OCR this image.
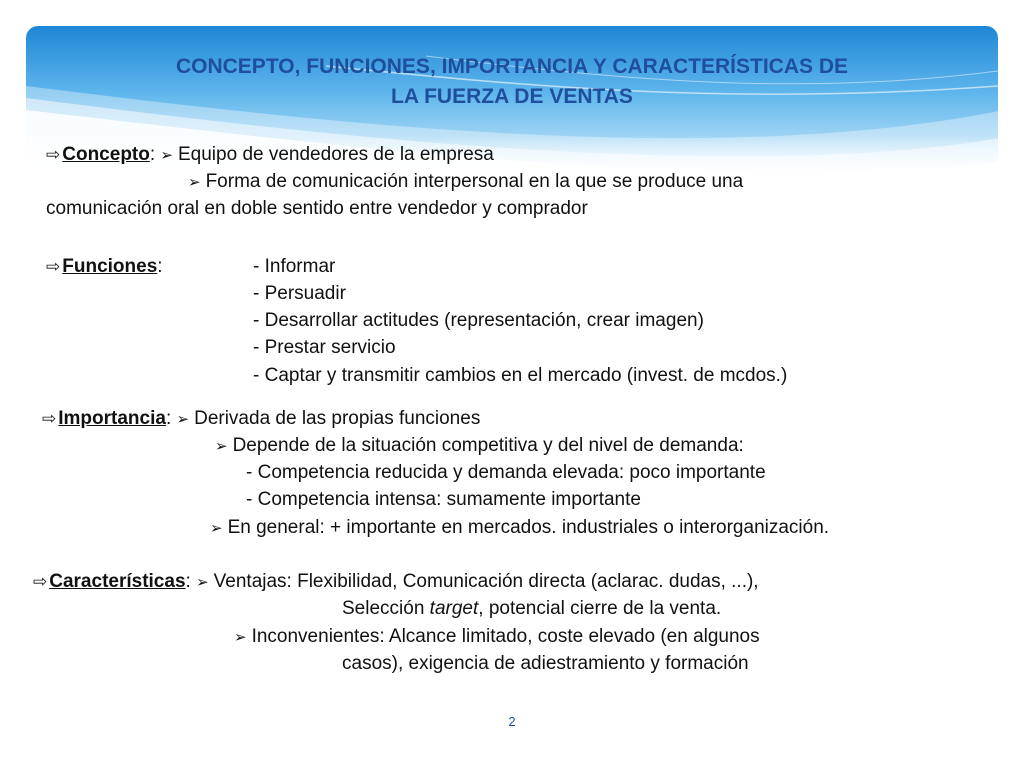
CONCEPTO, FUNCIONES, IMPORTANCIA Y CARACTERÍSTICAS DE
LA FUERZA DE VENTAS
⇨ Concepto: ➢ Equipo de vendedores de la empresa
➢ Forma de comunicación interpersonal en la que se produce una
comunicación oral en doble sentido entre vendedor y comprador
⇨ Funciones:	- Informar
- Persuadir
- Desarrollar actitudes (representación, crear imagen)
- Prestar servicio
- Captar y transmitir cambios en el mercado (invest. de mcdos.)
⇨ Importancia: ➢ Derivada de las propias funciones
➢ Depende de la situación competitiva y del nivel de demanda:
- Competencia reducida y demanda elevada: poco importante
- Competencia intensa: sumamente importante
➢ En general: + importante en mercados. industriales o interorganización.
⇨ Características: ➢ Ventajas: Flexibilidad, Comunicación directa (aclarac. dudas, ...),
Selección target, potencial cierre de la venta.
➢ Inconvenientes: Alcance limitado, coste elevado (en algunos
casos), exigencia de adiestramiento y formación
2
